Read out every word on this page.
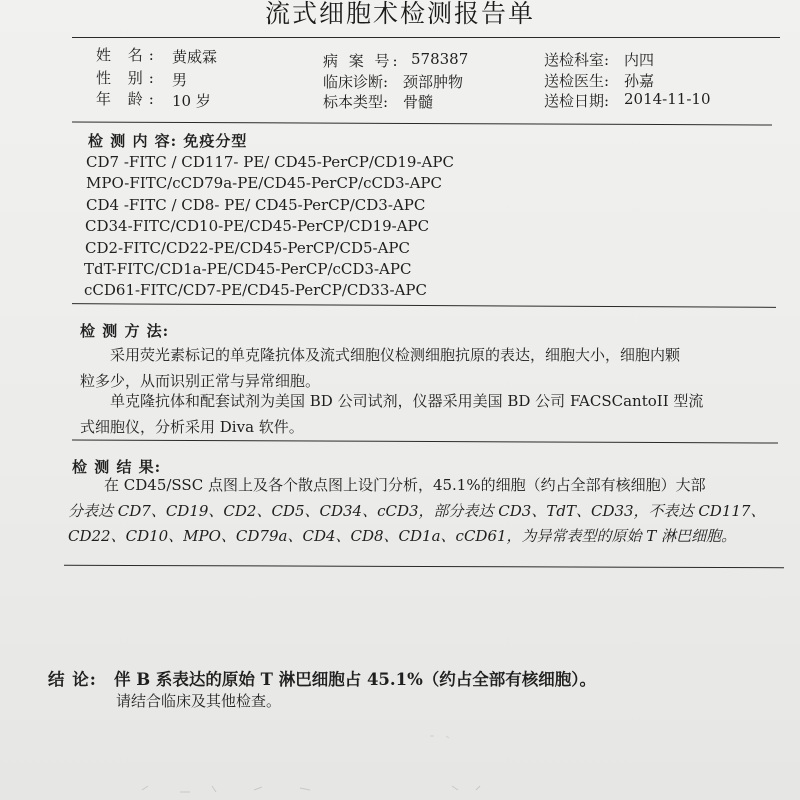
流式细胞术检测报告单
姓 名: 黄威霖
性 别: 男
年 龄: 10 岁
病 案 号: 578387
临床诊断: 颈部肿物
标本类型: 骨髓
送检科室: 内四
送检医生: 孙嘉
送检日期: 2014-11-10
检 测 内 容: 免疫分型
CD7 -FITC / CD117- PE/ CD45-PerCP/CD19-APC
MPO-FITC/cCD79a-PE/CD45-PerCP/cCD3-APC
CD4 -FITC / CD8- PE/ CD45-PerCP/CD3-APC
CD34-FITC/CD10-PE/CD45-PerCP/CD19-APC
CD2-FITC/CD22-PE/CD45-PerCP/CD5-APC
TdT-FITC/CD1a-PE/CD45-PerCP/cCD3-APC
cCD61-FITC/CD7-PE/CD45-PerCP/CD33-APC
检 测 方 法:
采用荧光素标记的单克隆抗体及流式细胞仪检测细胞抗原的表达，细胞大小，细胞内颗
粒多少，从而识别正常与异常细胞。
单克隆抗体和配套试剂为美国 BD 公司试剂，仪器采用美国 BD 公司 FACSCantoII 型流
式细胞仪，分析采用 Diva 软件。
检 测 结 果:
在 CD45/SSC 点图上及各个散点图上设门分析，45.1%的细胞（约占全部有核细胞）大部
分表达 CD7、CD19、CD2、CD5、CD34、cCD3，部分表达 CD3、TdT、CD33，不表达 CD117、
CD22、CD10、MPO、CD79a、CD4、CD8、CD1a、cCD61，为异常表型的原始 T 淋巴细胞。
结 论: 伴 B 系表达的原始 T 淋巴细胞占 45.1%（约占全部有核细胞）。
请结合临床及其他检查。
